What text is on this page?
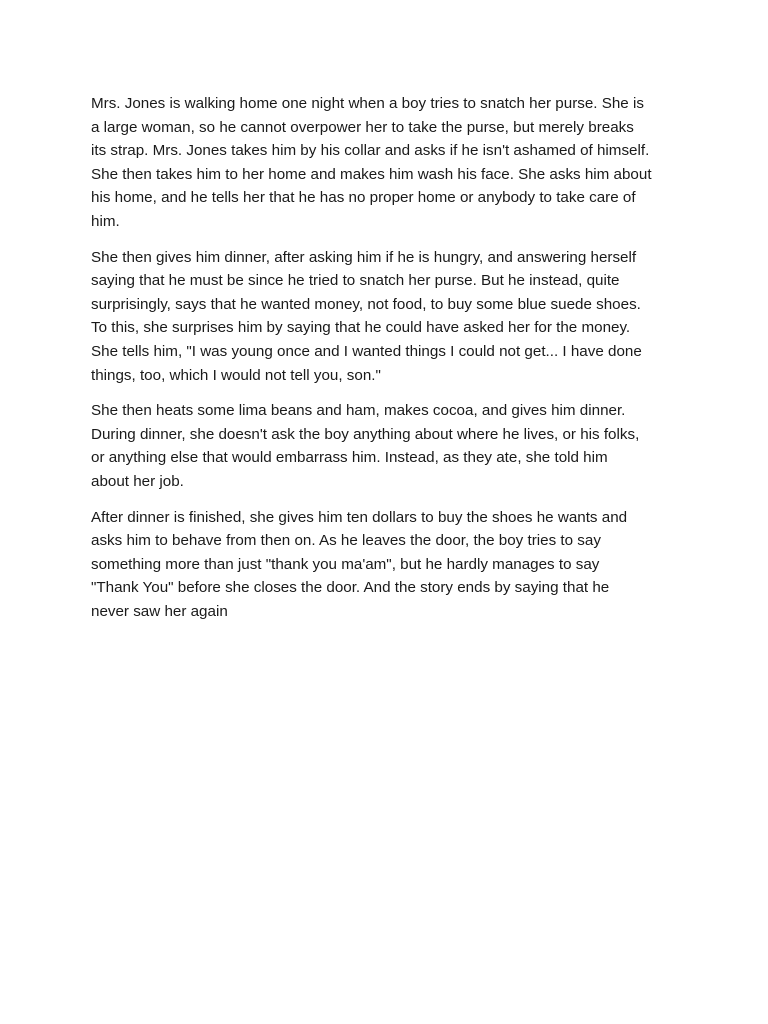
Mrs. Jones is walking home one night when a boy tries to snatch her purse. She is
a large woman, so he cannot overpower her to take the purse, but merely breaks
its strap. Mrs. Jones takes him by his collar and asks if he isn't ashamed of himself.
She then takes him to her home and makes him wash his face. She asks him about
his home, and he tells her that he has no proper home or anybody to take care of
him.

She then gives him dinner, after asking him if he is hungry, and answering herself
saying that he must be since he tried to snatch her purse. But he instead, quite
surprisingly, says that he wanted money, not food, to buy some blue suede shoes.
To this, she surprises him by saying that he could have asked her for the money.
She tells him, "I was young once and I wanted things I could not get... I have done
things, too, which I would not tell you, son."

She then heats some lima beans and ham, makes cocoa, and gives him dinner.
During dinner, she doesn't ask the boy anything about where he lives, or his folks,
or anything else that would embarrass him. Instead, as they ate, she told him
about her job.

After dinner is finished, she gives him ten dollars to buy the shoes he wants and
asks him to behave from then on. As he leaves the door, the boy tries to say
something more than just "thank you ma'am", but he hardly manages to say
"Thank You" before she closes the door. And the story ends by saying that he
never saw her again
